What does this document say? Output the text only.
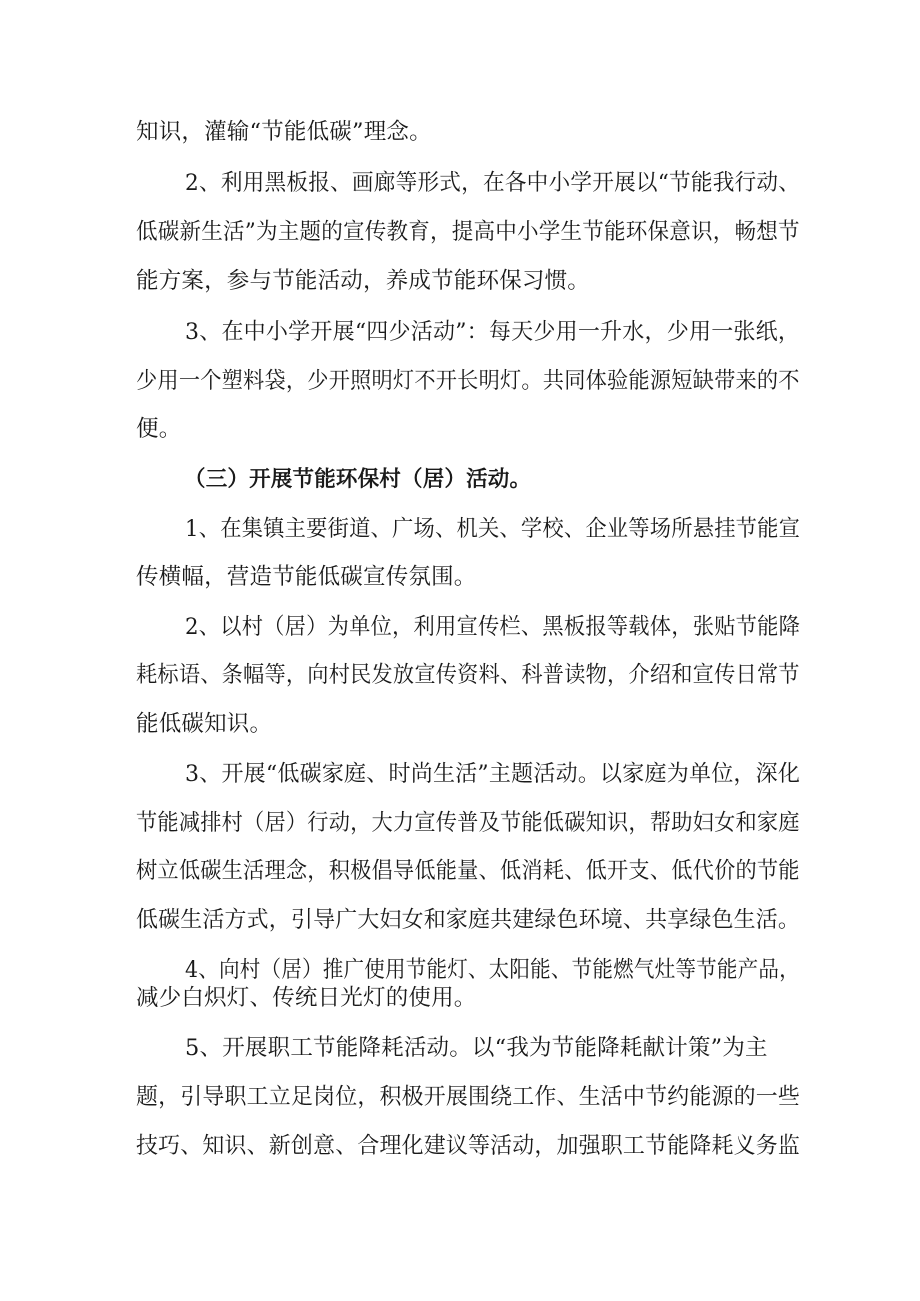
知识，灌输“节能低碳”理念。
2、利用黑板报、画廊等形式，在各中小学开展以“节能我行动、
低碳新生活”为主题的宣传教育，提高中小学生节能环保意识，畅想节
能方案，参与节能活动，养成节能环保习惯。
3、在中小学开展“四少活动”：每天少用一升水，少用一张纸，
少用一个塑料袋，少开照明灯不开长明灯。共同体验能源短缺带来的不
便。
（三）开展节能环保村（居）活动。
1、在集镇主要街道、广场、机关、学校、企业等场所悬挂节能宣
传横幅，营造节能低碳宣传氛围。
2、以村（居）为单位，利用宣传栏、黑板报等载体，张贴节能降
耗标语、条幅等，向村民发放宣传资料、科普读物，介绍和宣传日常节
能低碳知识。
3、开展“低碳家庭、时尚生活”主题活动。以家庭为单位，深化
节能减排村（居）行动，大力宣传普及节能低碳知识，帮助妇女和家庭
树立低碳生活理念，积极倡导低能量、低消耗、低开支、低代价的节能
低碳生活方式，引导广大妇女和家庭共建绿色环境、共享绿色生活。
4、向村（居）推广使用节能灯、太阳能、节能燃气灶等节能产品，
减少白炽灯、传统日光灯的使用。
5、开展职工节能降耗活动。以“我为节能降耗献计策”为主
题，引导职工立足岗位，积极开展围绕工作、生活中节约能源的一些
技巧、知识、新创意、合理化建议等活动，加强职工节能降耗义务监
